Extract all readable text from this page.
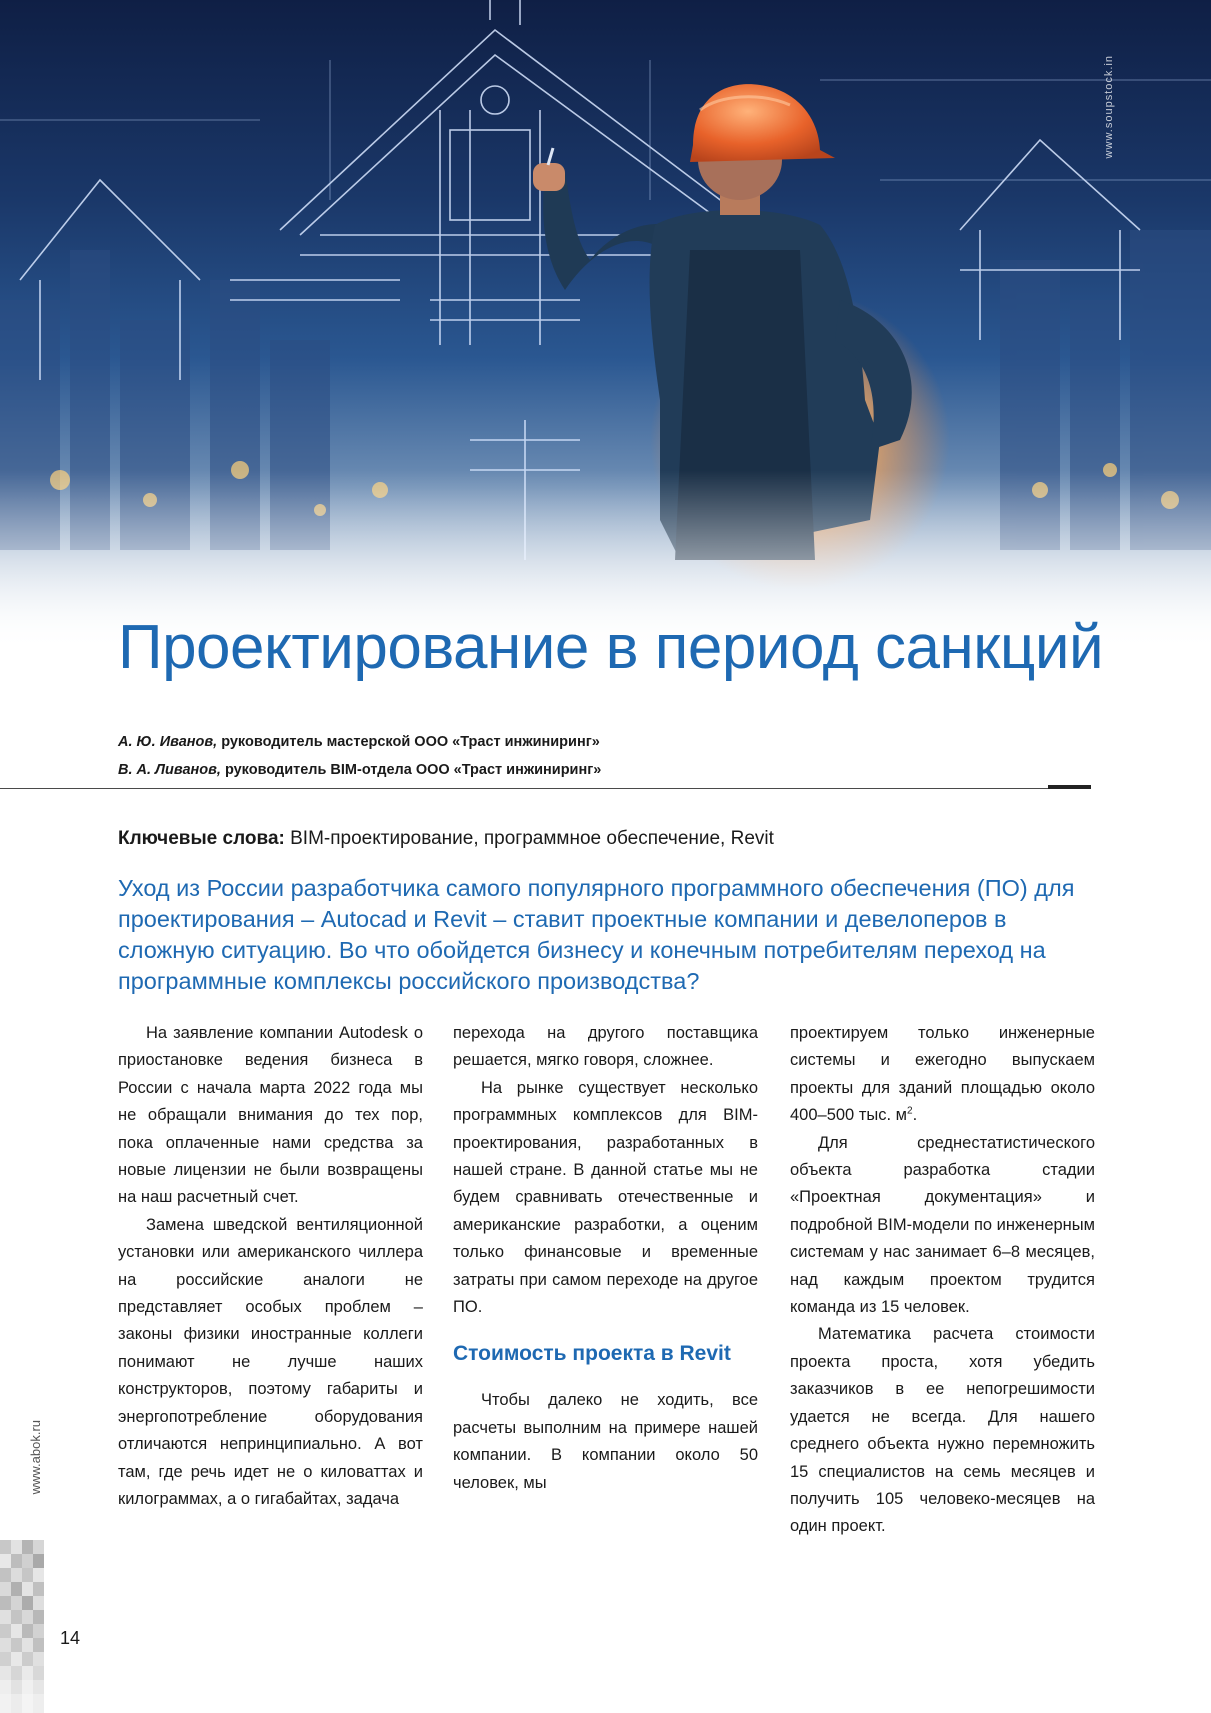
www.soupstock.in
Проектирование в период санкций
А. Ю. Иванов, руководитель мастерской ООО «Траст инжиниринг»
В. А. Ливанов, руководитель BIM-отдела ООО «Траст инжиниринг»
Ключевые слова: BIM-проектирование, программное обеспечение, Revit

Уход из России разработчика самого популярного программного обеспечения (ПО) для проектирования – Autocad и Revit – ставит проектные компании и девелоперов в сложную ситуацию. Во что обойдется бизнесу и конечным потребителям переход на программные комплексы российского производства?

На заявление компании Autodesk о приостановке ведения бизнеса в России с начала марта 2022 года мы не обращали внимания до тех пор, пока оплаченные нами средства за новые лицензии не были возвращены на наш расчетный счет.

Замена шведской вентиляционной установки или американского чиллера на российские аналоги не представляет особых проблем – законы физики иностранные коллеги понимают не лучше наших конструкторов, поэтому габариты и энергопотребление оборудования отличаются непринципиально. А вот там, где речь идет не о киловаттах и килограммах, а о гигабайтах, задача

перехода на другого поставщика решается, мягко говоря, сложнее.

На рынке существует несколько программных комплексов для BIM-проектирования, разработанных в нашей стране. В данной статье мы не будем сравнивать отечественные и американские разработки, а оценим только финансовые и временные затраты при самом переходе на другое ПО.

Стоимость проекта в Revit

Чтобы далеко не ходить, все расчеты выполним на примере нашей компании. В компании около 50 человек, мы

проектируем только инженерные системы и ежегодно выпускаем проекты для зданий площадью около 400–500 тыс. $м^2$.

Для среднестатистического объекта разработка стадии «Проектная документация» и подробной BIM-модели по инженерным системам у нас занимает 6–8 месяцев, над каждым проектом трудится команда из 15 человек.

Математика расчета стоимости проекта проста, хотя убедить заказчиков в ее непогрешимости удается не всегда. Для нашего среднего объекта нужно перемножить 15 специалистов на семь месяцев и получить 105 человеко-месяцев на один проект.

www.abok.ru
14
